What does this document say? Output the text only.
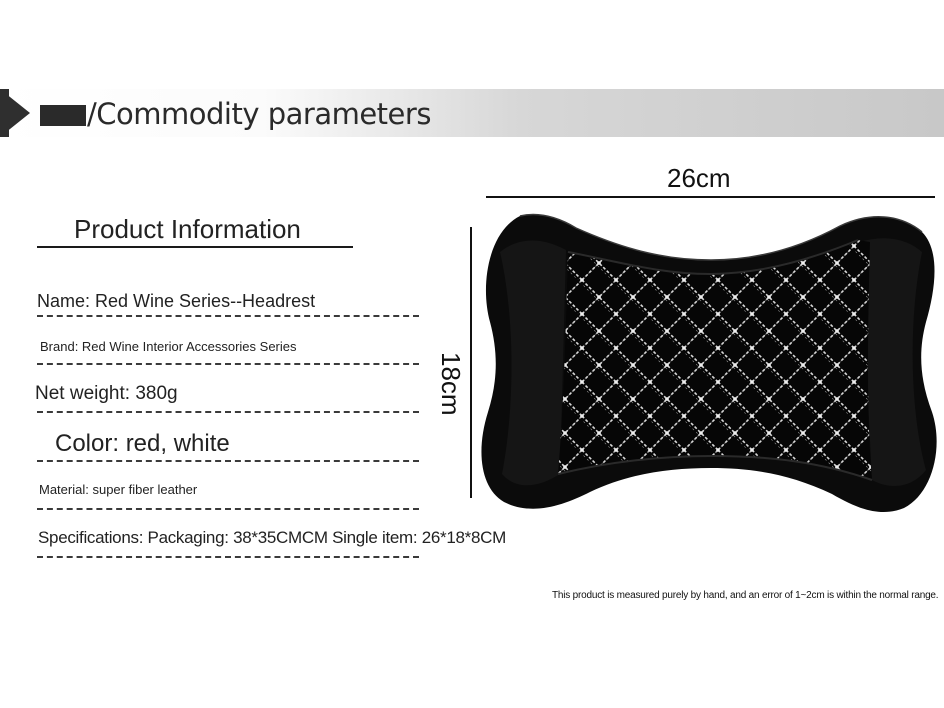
/Commodity parameters
Product Information
Name: Red Wine Series--Headrest
Brand: Red Wine Interior Accessories Series
Net weight: 380g
Color: red, white
Material: super fiber leather
Specifications: Packaging: 38*35CMCM Single item: 26*18*8CM
26cm
18cm
This product is measured purely by hand, and an error of 1~2cm is within the normal range.
